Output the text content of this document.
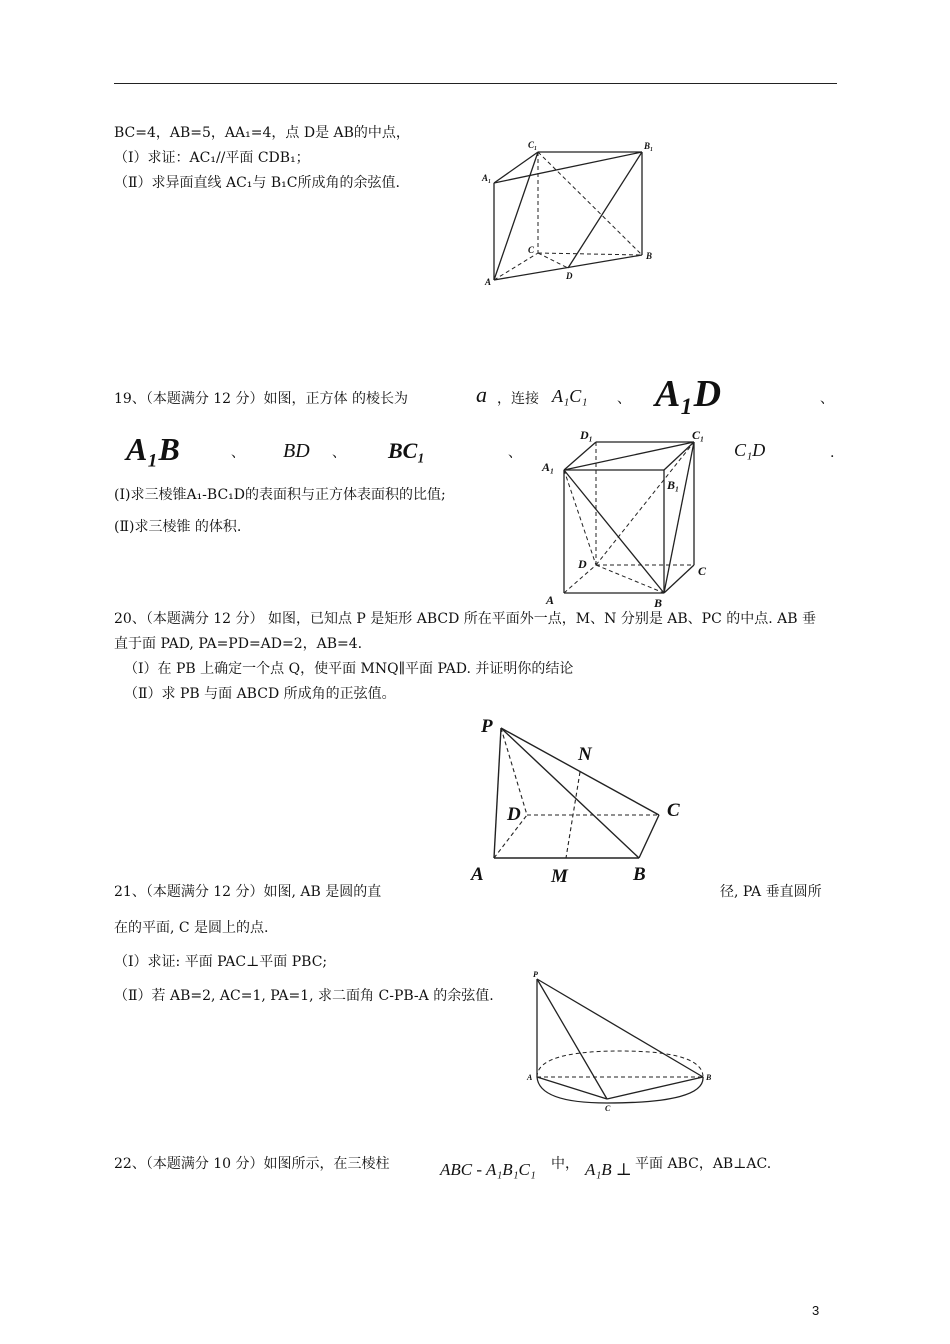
BC=4，AB=5，AA₁=4，点 D是 AB的中点，
（Ⅰ）求证：AC₁//平面 CDB₁；
（Ⅱ）求异面直线 AC₁与 B₁C所成角的余弦值.
C₁	B₁
A₁
C
B
A
D
19、（本题满分 12 分）如图，正方体 的棱长为	a ，连接 A₁C₁ 、 A₁D	、
A₁B	、 BD 、 BC₁	、	C₁D	.
(Ⅰ)求三棱锥A₁-BC₁D的表面积与正方体表面积的比值;
(Ⅱ)求三棱锥 的体积.
D₁	C₁
A₁
B₁
D	C
A	B
20、（本题满分 12 分） 如图，已知点 P 是矩形 ABCD 所在平面外一点，M、N 分别是 AB、PC 的中点. AB 垂
直于面 PAD, PA=PD=AD=2，AB=4.
（Ⅰ）在 PB 上确定一个点 Q，使平面 MNQ∥平面 PAD. 并证明你的结论
（Ⅱ）求 PB 与面 ABCD 所成角的正弦值。
P
N
D	C
A	M	B
21、（本题满分 12 分）如图, AB 是圆的直	径, PA 垂直圆所
在的平面, C 是圆上的点.
（Ⅰ）求证: 平面 PAC⊥平面 PBC;
（Ⅱ）若 AB=2, AC=1, PA=1, 求二面角 C-PB-A 的余弦值.
P
A	B
C
22、（本题满分 10 分）如图所示，在三棱柱	ABC - A₁B₁C₁ 中， A₁B ⊥ 平面 ABC，AB⊥AC.
3
